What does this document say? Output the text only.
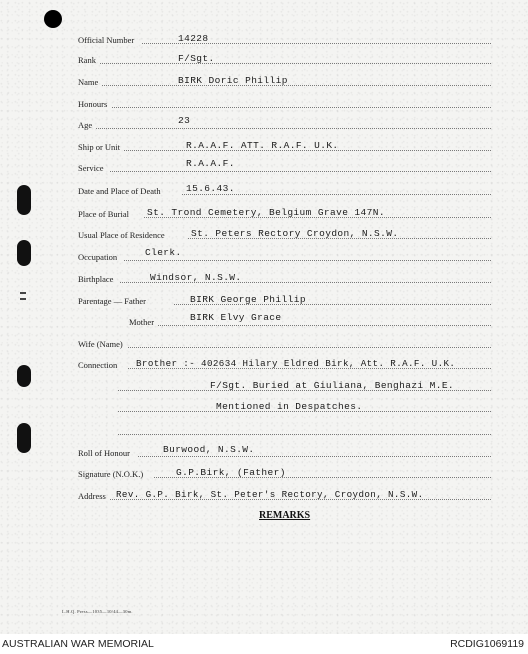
Official Number	14228
Rank	F/Sgt.
Name	BIRK Doric Phillip
Honours
Age	23
Ship or Unit	R.A.A.F. ATT. R.A.F. U.K.
Service	R.A.A.F.
Date and Place of Death	15.6.43.
Place of Burial St. Trond Cemetery, Belgium Grave 147N.
Usual Place of Residence	St. Peters Rectory Croydon, N.S.W.
Occupation	Clerk.
Birthplace	Windsor, N.S.W.
Parentage — Father	BIRK George Phillip
Mother	BIRK Elvy Grace
Wife (Name)
Connection Brother :- 402634 Hilary Eldred Birk, Att. R.A.F. U.K.
F/Sgt. Buried at Giuliana, Benghazi M.E.
Mentioned in Despatches.
Roll of Honour	Burwood, N.S.W.
Signature (N.O.K.)	G.P.Birk, (Father)
Address Rev. G.P. Birk, St. Peter's Rectory, Croydon, N.S.W.
REMARKS
L.H.Q. Press—1035—10/44—30m.
AUSTRALIAN WAR MEMORIAL	RCDIG1069119
